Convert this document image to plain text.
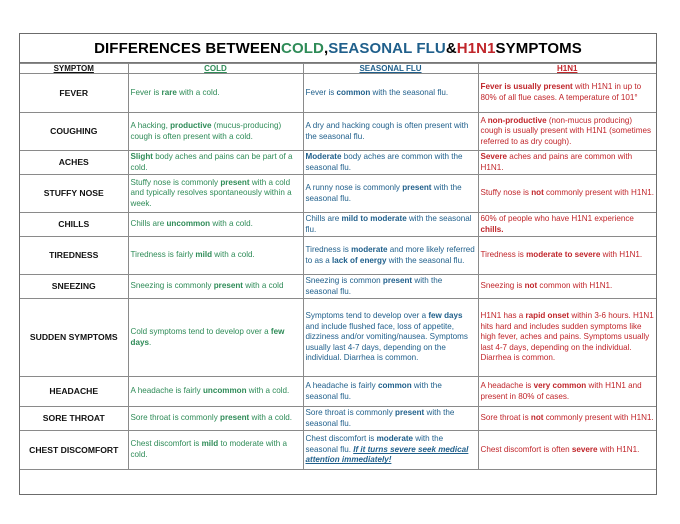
DIFFERENCES BETWEEN COLD , SEASONAL FLU & H1N1 SYMPTOMS
SYMPTOM	COLD	SEASONAL FLU	H1N1
FEVER	Fever is rare with a cold.	Fever is common with the seasonal flu.	Fever is usually present with H1N1 in up to 80% of all flue cases. A temperature of 101°
COUGHING	A hacking, productive (mucus-producing) cough is often present with a cold.	A dry and hacking cough is often present with the seasonal flu.	A non-productive (non-mucus producing) cough is usually present with H1N1 (sometimes referred to as dry cough).
ACHES	Slight body aches and pains can be part of a cold.	Moderate body aches are common with the seasonal flu.	Severe aches and pains are common with H1N1.
STUFFY NOSE	Stuffy nose is commonly present with a cold and typically resolves spontaneously within a week.	A runny nose is commonly present with the seasonal flu.	Stuffy nose is not commonly present with H1N1.
CHILLS	Chills are uncommon with a cold.	Chills are mild to moderate with the seasonal flu.	60% of people who have H1N1 experience chills.
TIREDNESS	Tiredness is fairly mild with a cold.	Tiredness is moderate and more likely referred to as a lack of energy with the seasonal flu.	Tiredness is moderate to severe with H1N1.
SNEEZING	Sneezing is commonly present with a cold	Sneezing is common present with the seasonal flu.	Sneezing is not common with H1N1.
SUDDEN SYMPTOMS	Cold symptoms tend to develop over a few days.	Symptoms tend to develop over a few days and include flushed face, loss of appetite, dizziness and/or vomiting/nausea. Symptoms usually last 4-7 days, depending on the individual. Diarrhea is common.	H1N1 has a rapid onset within 3-6 hours. H1N1 hits hard and includes sudden symptoms like high fever, aches and pains. Symptoms usually last 4-7 days, depending on the individual. Diarrhea is common.
HEADACHE	A headache is fairly uncommon with a cold.	A headache is fairly common with the seasonal flu.	A headache is very common with H1N1 and present in 80% of cases.
SORE THROAT	Sore throat is commonly present with a cold.	Sore throat is commonly present with the seasonal flu.	Sore throat is not commonly present with H1N1.
CHEST DISCOMFORT	Chest discomfort is mild to moderate with a cold.	Chest discomfort is moderate with the seasonal flu. If it turns severe seek medical attention immediately!	Chest discomfort is often severe with H1N1.
